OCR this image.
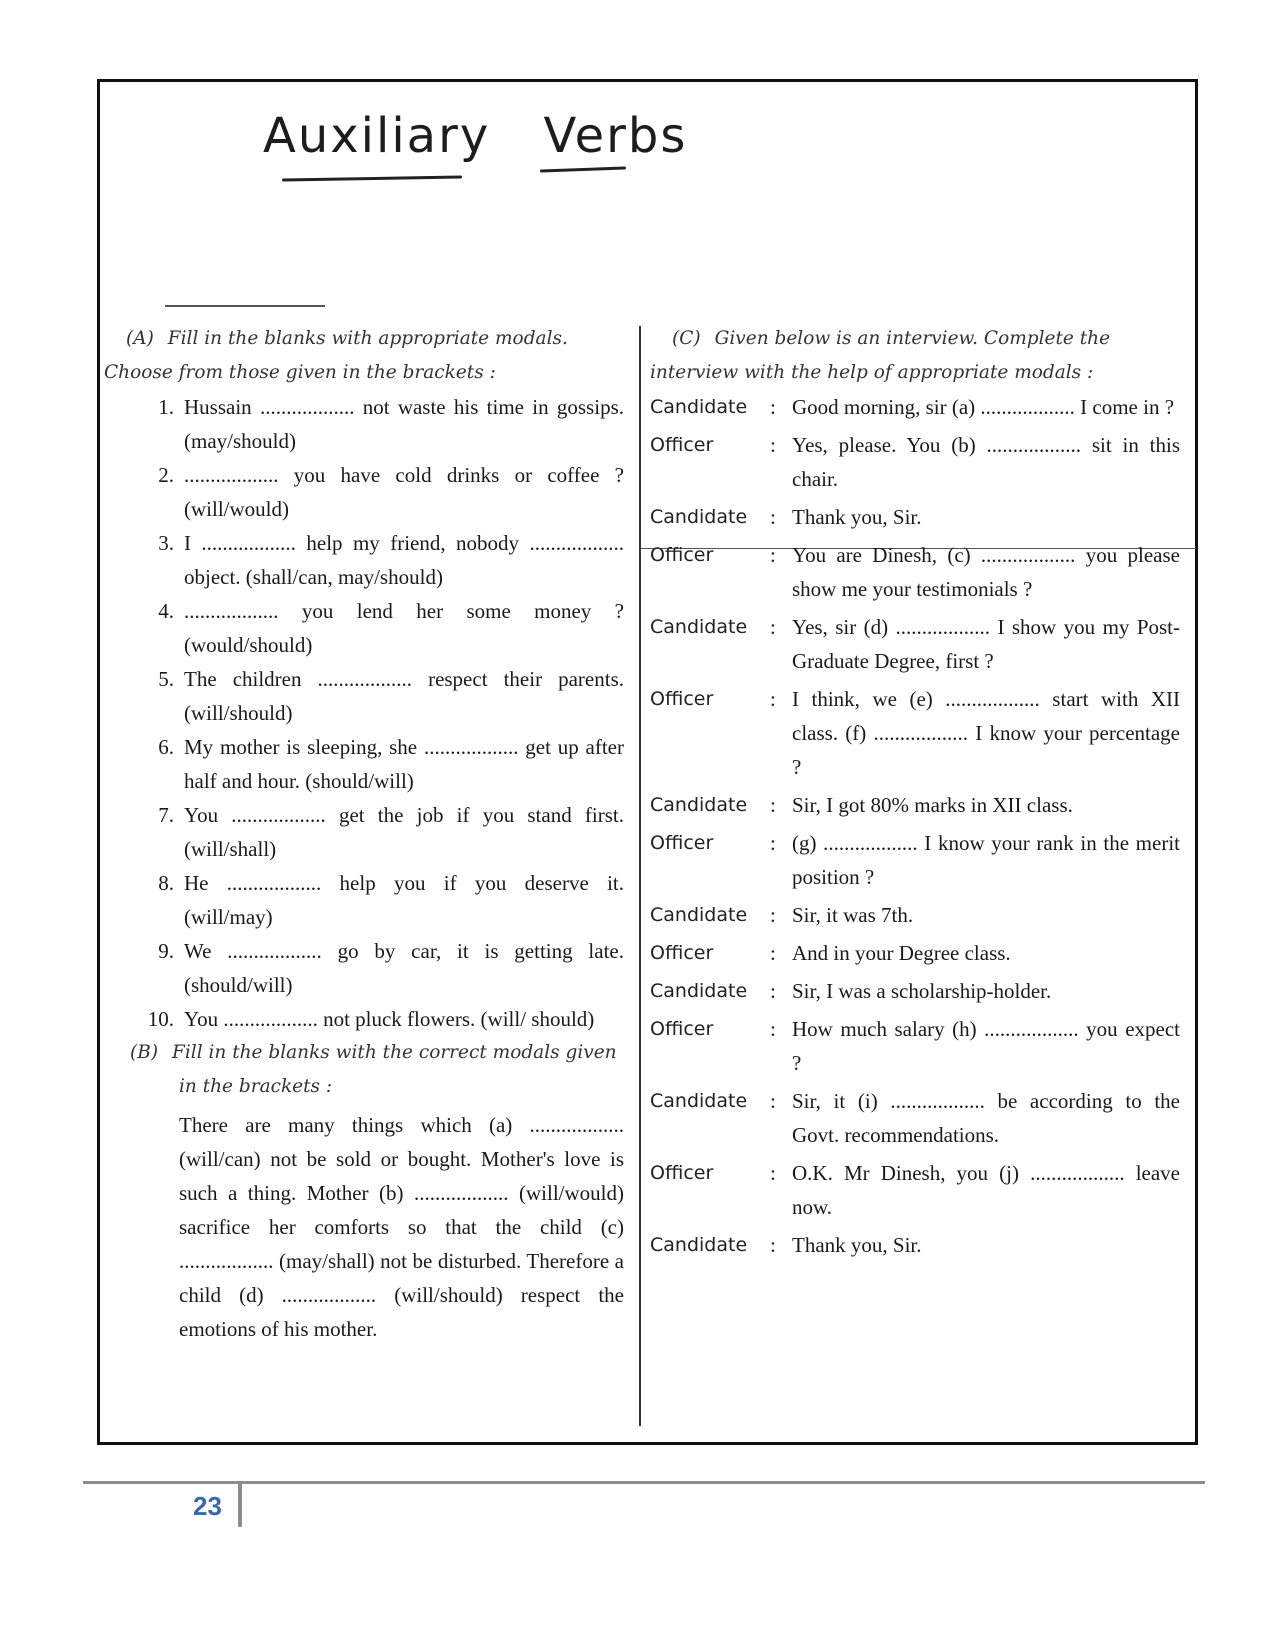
Auxiliary Verbs

(A) Fill in the blanks with appropriate modals.

Choose from those given in the brackets :

1. Hussain .................. not waste his time in gossips. (may/should)
2. .................. you have cold drinks or coffee ? (will/would)
3. I .................. help my friend, nobody .................. object. (shall/can, may/should)
4. .................. you lend her some money ? (would/should)
5. The children .................. respect their parents. (will/should)
6. My mother is sleeping, she .................. get up after half and hour. (should/will)
7. You .................. get the job if you stand first. (will/shall)
8. He .................. help you if you deserve it. (will/may)
9. We .................. go by car, it is getting late. (should/will)
10. You .................. not pluck flowers. (will/ should)

(B) Fill in the blanks with the correct modals given

in the brackets :

There are many things which (a) .................. (will/can) not be sold or bought. Mother's love is such a thing. Mother (b) .................. (will/would) sacrifice her comforts so that the child (c) .................. (may/shall) not be disturbed. Therefore a child (d) .................. (will/should) respect the emotions of his mother.

(C) Given below is an interview. Complete the

interview with the help of appropriate modals :

Candidate	: Good morning, sir (a) .................. I come in ?
Officer	: Yes, please. You (b) .................. sit in this chair.
Candidate	: Thank you, Sir.
Officer	: You are Dinesh, (c) .................. you please show me your testimonials ?
Candidate	: Yes, sir (d) .................. I show you my Post-Graduate Degree, first ?
Officer	: I think, we (e) .................. start with XII class. (f) .................. I know your percentage ?
Candidate	: Sir, I got 80% marks in XII class.
Officer	: (g) .................. I know your rank in the merit position ?
Candidate	: Sir, it was 7th.
Officer	: And in your Degree class.
Candidate	: Sir, I was a scholarship-holder.
Officer	: How much salary (h) .................. you expect ?
Candidate	: Sir, it (i) .................. be according to the Govt. recommendations.
Officer	: O.K. Mr Dinesh, you (j) .................. leave now.
Candidate	: Thank you, Sir.
23
